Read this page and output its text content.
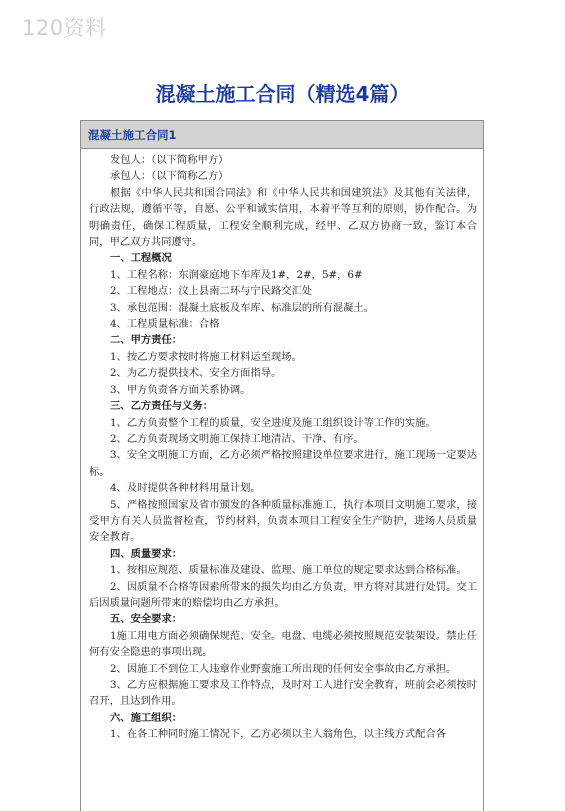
120资料
混凝土施工合同（精选4篇）
混凝土施工合同1

发包人：（以下简称甲方）

承包人：（以下简称乙方）

根据《中华人民共和国合同法》和《中华人民共和国建筑法》及其他有关法律，行政法规，遵循平等，自愿、公平和诚实信用，本着平等互利的原则，协作配合。为明确责任，确保工程质量，工程安全顺利完成，经甲、乙双方协商一致，鉴订本合同，甲乙双方共同遵守。

一、工程概况

1、工程名称：东润豪庭地下车库及1#，2#，5#，6#

2、工程地点：汶上县南二环与宁民路交汇处

3、承包范围：混凝土底板及车库、标准层的所有混凝土。

4、工程质量标准：合格

二、甲方责任：

1、按乙方要求按时将施工材料运至现场。

2、为乙方提供技术、安全方面指导。

3、甲方负责各方面关系协调。

三、乙方责任与义务：

1、乙方负责整个工程的质量，安全进度及施工组织设计等工作的实施。

2、乙方负责现场文明施工保持工地清洁、干净、有序。

3、安全文明施工方面，乙方必须严格按照建设单位要求进行，施工现场一定要达标。

4、及时提供各种材料用量计划。

5、严格按照国家及省市颁发的各种质量标准施工，执行本项目文明施工要求，接受甲方有关人员监督检查，节约材料，负责本项目工程安全生产防护，进场人员质量安全教育。

四、质量要求：

1、按相应规范、质量标准及建设、监理、施工单位的规定要求达到合格标准。

2、因质量不合格等因素所带来的损失均由乙方负责，甲方将对其进行处罚。交工后因质量问题所带来的赔偿均由乙方承担。

五、安全要求：

1施工用电方面必须确保规范、安全。电盘、电缆必须按照规范安装架设。禁止任何有安全隐患的事项出现。

2、因施工不到位工人违章作业野蛮施工所出现的任何安全事故由乙方承担。

3、乙方应根据施工要求及工作特点，及时对工人进行安全教育，班前会必须按时召开，且达到作用。

六、施工组织：

1、在各工种同时施工情况下，乙方必须以主人翁角色，以主线方式配合各
